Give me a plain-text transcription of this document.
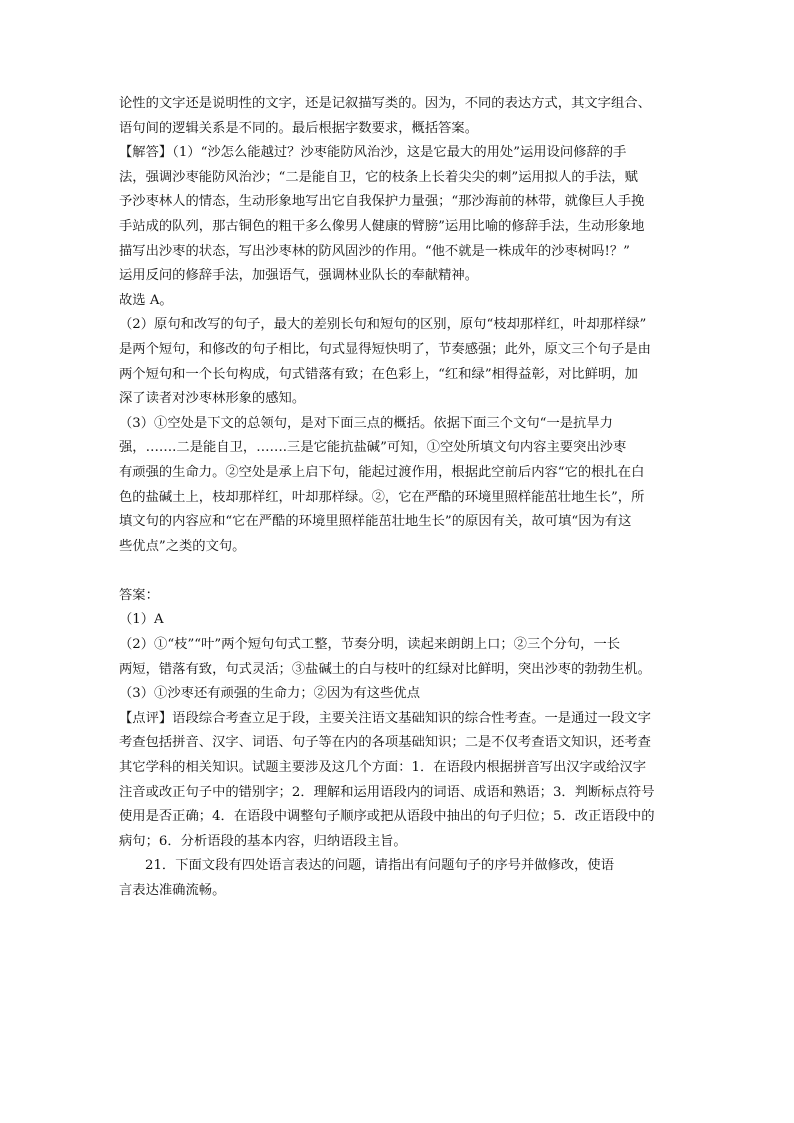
论性的文字还是说明性的文字，还是记叙描写类的。因为，不同的表达方式，其文字组合、
语句间的逻辑关系是不同的。最后根据字数要求，概括答案。
【解答】（1）“沙怎么能越过？沙枣能防风治沙，这是它最大的用处”运用设问修辞的手
法，强调沙枣能防风治沙；“二是能自卫，它的枝条上长着尖尖的刺”运用拟人的手法，赋
予沙枣林人的情态，生动形象地写出它自我保护力量强；“那沙海前的林带，就像巨人手挽
手站成的队列，那古铜色的粗干多么像男人健康的臂膀”运用比喻的修辞手法，生动形象地
描写出沙枣的状态，写出沙枣林的防风固沙的作用。“他不就是一株成年的沙枣树吗!？”
运用反问的修辞手法，加强语气，强调林业队长的奉献精神。
故选 A。
（2）原句和改写的句子，最大的差别长句和短句的区别，原句“枝却那样红，叶却那样绿”
是两个短句，和修改的句子相比，句式显得短快明了，节奏感强；此外，原文三个句子是由
两个短句和一个长句构成，句式错落有致；在色彩上，“红和绿”相得益彰，对比鲜明，加
深了读者对沙枣林形象的感知。
（3）①空处是下文的总领句，是对下面三点的概括。依据下面三个文句“一是抗旱力
强，…….二是能自卫，…….三是它能抗盐碱”可知，①空处所填文句内容主要突出沙枣
有顽强的生命力。②空处是承上启下句，能起过渡作用，根据此空前后内容“它的根扎在白
色的盐碱土上，枝却那样红，叶却那样绿。②，它在严酷的环境里照样能茁壮地生长”，所
填文句的内容应和“它在严酷的环境里照样能茁壮地生长”的原因有关，故可填“因为有这
些优点”之类的文句。
答案：
（1）A
（2）①“枝”“叶”两个短句句式工整，节奏分明，读起来朗朗上口；②三个分句，一长
两短，错落有致，句式灵活；③盐碱土的白与枝叶的红绿对比鲜明，突出沙枣的勃勃生机。
（3）①沙枣还有顽强的生命力；②因为有这些优点
【点评】语段综合考查立足于段，主要关注语文基础知识的综合性考查。一是通过一段文字
考查包括拼音、汉字、词语、句子等在内的各项基础知识；二是不仅考查语文知识，还考查
其它学科的相关知识。试题主要涉及这几个方面：1．在语段内根据拼音写出汉字或给汉字
注音或改正句子中的错别字；2．理解和运用语段内的词语、成语和熟语；3．判断标点符号
使用是否正确；4．在语段中调整句子顺序或把从语段中抽出的句子归位；5．改正语段中的
病句；6．分析语段的基本内容，归纳语段主旨。
21．下面文段有四处语言表达的问题，请指出有问题句子的序号并做修改，使语
言表达准确流畅。
